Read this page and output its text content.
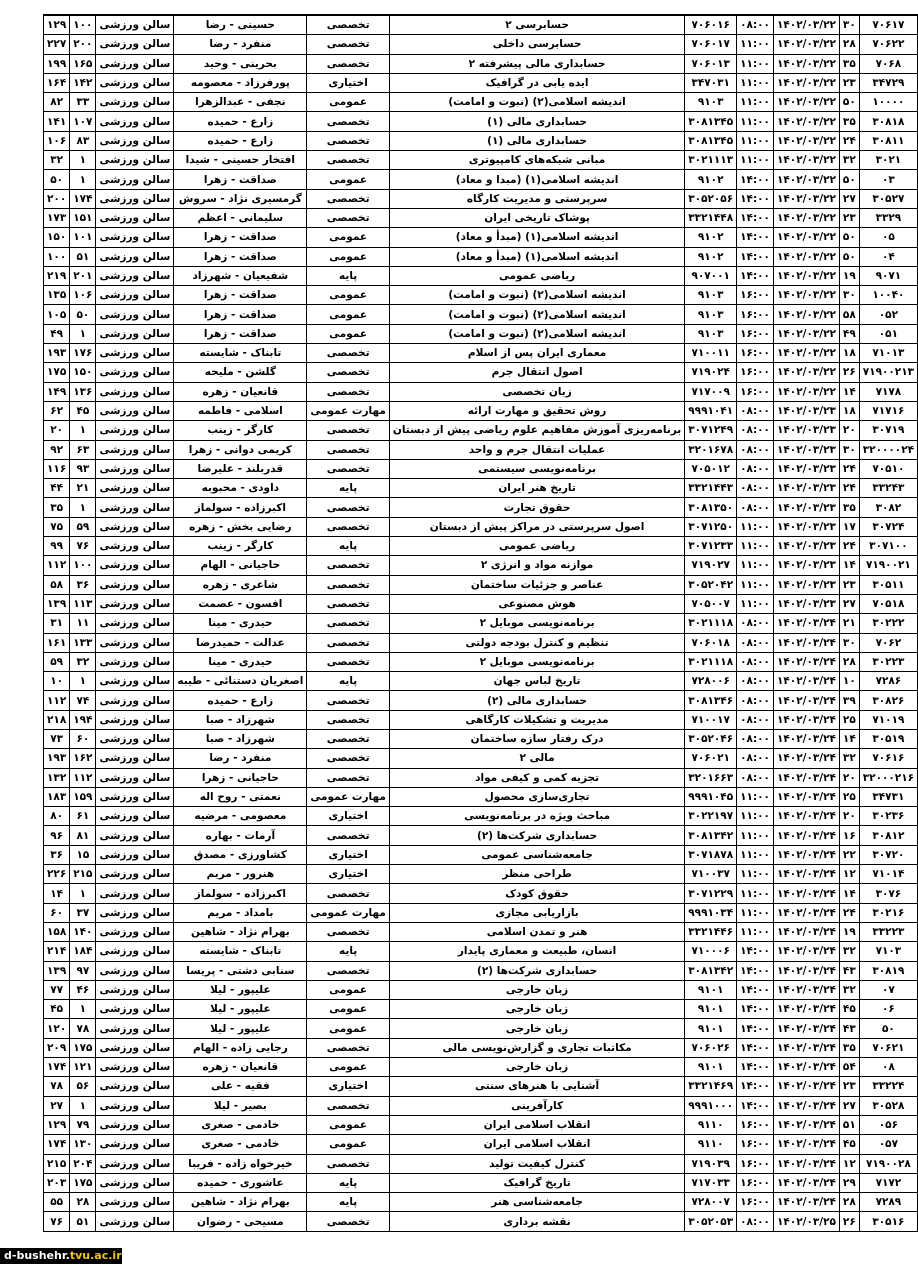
۷۰۶۱۷	۳۰	۱۴۰۲/۰۳/۲۲	۰۸:۰۰	۷۰۶۰۱۶	حسابرسی ۲	تخصصی	حسینی - رضا	سالن ورزشی	۱۰۰	۱۲۹
۷۰۶۲۲	۲۸	۱۴۰۲/۰۳/۲۲	۱۱:۰۰	۷۰۶۰۱۷	حسابرسی داخلی	تخصصی	منفرد - رضا	سالن ورزشی	۲۰۰	۲۲۷
۷۰۶۸	۳۵	۱۴۰۲/۰۳/۲۲	۱۱:۰۰	۷۰۶۰۱۳	حسابداری مالی پیشرفته ۲	تخصصی	بحرینی - وحید	سالن ورزشی	۱۶۵	۱۹۹
۳۴۷۲۹	۲۳	۱۴۰۲/۰۳/۲۲	۱۱:۰۰	۳۴۷۰۳۱	ایده یابی در گرافیک	اختیاری	پورفرزاد - معصومه	سالن ورزشی	۱۴۲	۱۶۴
۱۰۰۰۰	۵۰	۱۴۰۲/۰۳/۲۲	۱۱:۰۰	۹۱۰۳	اندیشه اسلامی(۲) (نبوت و امامت)	عمومی	نجفی - عبدالزهرا	سالن ورزشی	۳۳	۸۲
۳۰۸۱۸	۳۵	۱۴۰۲/۰۳/۲۲	۱۱:۰۰	۳۰۸۱۳۴۵	حسابداری مالی (۱)	تخصصی	زارع - حمیده	سالن ورزشی	۱۰۷	۱۴۱
۳۰۸۱۱	۲۴	۱۴۰۲/۰۳/۲۲	۱۱:۰۰	۳۰۸۱۳۴۵	حسابداری مالی (۱)	تخصصی	زارع - حمیده	سالن ورزشی	۸۳	۱۰۶
۳۰۲۱	۳۲	۱۴۰۲/۰۳/۲۲	۱۱:۰۰	۳۰۲۱۱۱۳	مبانی شبکه‌های کامپیوتری	تخصصی	افتخار حسینی - شیدا	سالن ورزشی	۱	۳۲
۰۳	۵۰	۱۴۰۲/۰۳/۲۲	۱۴:۰۰	۹۱۰۲	اندیشه اسلامی(۱) (مبدا و معاد)	عمومی	صداقت - زهرا	سالن ورزشی	۱	۵۰
۳۰۵۲۷	۲۷	۱۴۰۲/۰۳/۲۲	۱۴:۰۰	۳۰۵۲۰۵۶	سرپرستی و مدیریت کارگاه	تخصصی	گرمسیری نژاد - سروش	سالن ورزشی	۱۷۴	۲۰۰
۳۳۲۹	۲۳	۱۴۰۲/۰۳/۲۲	۱۴:۰۰	۳۳۲۱۴۴۸	پوشاک تاریخی ایران	تخصصی	سلیمانی - اعظم	سالن ورزشی	۱۵۱	۱۷۳
۰۵	۵۰	۱۴۰۲/۰۳/۲۲	۱۴:۰۰	۹۱۰۲	اندیشه اسلامی(۱) (مبدأ و معاد)	عمومی	صداقت - زهرا	سالن ورزشی	۱۰۱	۱۵۰
۰۴	۵۰	۱۴۰۲/۰۳/۲۲	۱۴:۰۰	۹۱۰۲	اندیشه اسلامی(۱) (مبدأ و معاد)	عمومی	صداقت - زهرا	سالن ورزشی	۵۱	۱۰۰
۹۰۷۱	۱۹	۱۴۰۲/۰۳/۲۲	۱۴:۰۰	۹۰۷۰۰۱	ریاضی عمومی	پایه	شفیعیان - شهرزاد	سالن ورزشی	۲۰۱	۲۱۹
۱۰۰۴۰	۳۰	۱۴۰۲/۰۳/۲۲	۱۶:۰۰	۹۱۰۳	اندیشه اسلامی(۲) (نبوت و امامت)	عمومی	صداقت - زهرا	سالن ورزشی	۱۰۶	۱۳۵
۰۵۲	۵۸	۱۴۰۲/۰۳/۲۲	۱۶:۰۰	۹۱۰۳	اندیشه اسلامی(۲) (نبوت و امامت)	عمومی	صداقت - زهرا	سالن ورزشی	۵۰	۱۰۵
۰۵۱	۴۹	۱۴۰۲/۰۳/۲۲	۱۶:۰۰	۹۱۰۳	اندیشه اسلامی(۲) (نبوت و امامت)	عمومی	صداقت - زهرا	سالن ورزشی	۱	۴۹
۷۱۰۱۳	۱۸	۱۴۰۲/۰۳/۲۲	۱۶:۰۰	۷۱۰۰۱۱	معماری ایران پس از اسلام	تخصصی	تابناک - شایسته	سالن ورزشی	۱۷۶	۱۹۳
۷۱۹۰۰۲۱۳	۲۶	۱۴۰۲/۰۳/۲۲	۱۶:۰۰	۷۱۹۰۲۴	اصول انتقال جرم	تخصصی	گلشن - ملیحه	سالن ورزشی	۱۵۰	۱۷۵
۷۱۷۸	۱۴	۱۴۰۲/۰۳/۲۲	۱۶:۰۰	۷۱۷۰۰۹	زبان تخصصی	تخصصی	قانعیان - زهره	سالن ورزشی	۱۳۶	۱۴۹
۷۱۷۱۶	۱۸	۱۴۰۲/۰۳/۲۳	۰۸:۰۰	۹۹۹۱۰۴۱	روش تحقیق و مهارت ارائه	مهارت عمومی	اسلامی - فاطمه	سالن ورزشی	۴۵	۶۲
۳۰۷۱۹	۲۰	۱۴۰۲/۰۳/۲۳	۰۸:۰۰	۳۰۷۱۲۴۹	برنامه‌ریزی آموزش مفاهیم علوم ریاضی پیش از دبستان	تخصصی	کارگر - زینب	سالن ورزشی	۱	۲۰
۳۲۰۰۰۰۲۴	۳۰	۱۴۰۲/۰۳/۲۳	۰۸:۰۰	۳۲۰۱۶۷۸	عملیات انتقال جرم و واحد	تخصصی	کریمی دوانی - زهرا	سالن ورزشی	۶۳	۹۲
۷۰۵۱۰	۲۴	۱۴۰۲/۰۳/۲۳	۰۸:۰۰	۷۰۵۰۱۲	برنامه‌نویسی سیستمی	تخصصی	قدربلند - علیرضا	سالن ورزشی	۹۳	۱۱۶
۳۳۲۴۳	۲۴	۱۴۰۲/۰۳/۲۳	۰۸:۰۰	۳۳۲۱۴۴۳	تاریخ هنر ایران	پایه	داودی - محبوبه	سالن ورزشی	۲۱	۴۴
۳۰۸۲	۳۵	۱۴۰۲/۰۳/۲۳	۰۸:۰۰	۳۰۸۱۳۵۰	حقوق تجارت	تخصصی	اکبرزاده - سولماز	سالن ورزشی	۱	۳۵
۳۰۷۲۴	۱۷	۱۴۰۲/۰۳/۲۳	۱۱:۰۰	۳۰۷۱۲۵۰	اصول سرپرستی در مراکز پیش از دبستان	تخصصی	رضایی بخش - زهره	سالن ورزشی	۵۹	۷۵
۳۰۷۱۰۰	۲۴	۱۴۰۲/۰۳/۲۳	۱۱:۰۰	۳۰۷۱۲۳۳	ریاضی عمومی	پایه	کارگر - زینب	سالن ورزشی	۷۶	۹۹
۷۱۹۰۰۲۱	۱۴	۱۴۰۲/۰۳/۲۳	۱۱:۰۰	۷۱۹۰۲۷	موازنه مواد و انرژی ۲	تخصصی	حاجیانی - الهام	سالن ورزشی	۱۰۰	۱۱۲
۳۰۵۱۱	۲۳	۱۴۰۲/۰۳/۲۳	۱۱:۰۰	۳۰۵۲۰۴۲	عناصر و جزئیات ساختمان	تخصصی	شاعری - زهره	سالن ورزشی	۳۶	۵۸
۷۰۵۱۸	۲۷	۱۴۰۲/۰۳/۲۳	۱۱:۰۰	۷۰۵۰۰۷	هوش مصنوعی	تخصصی	افسون - عصمت	سالن ورزشی	۱۱۳	۱۳۹
۳۰۲۲۲	۲۱	۱۴۰۲/۰۳/۲۴	۰۸:۰۰	۳۰۲۱۱۱۸	برنامه‌نویسی موبایل ۲	تخصصی	حیدری - مینا	سالن ورزشی	۱۱	۳۱
۷۰۶۲	۳۰	۱۴۰۲/۰۳/۲۴	۰۸:۰۰	۷۰۶۰۱۸	تنظیم و کنترل بودجه دولتی	تخصصی	عدالت - حمیدرضا	سالن ورزشی	۱۳۳	۱۶۱
۳۰۲۲۳	۲۸	۱۴۰۲/۰۳/۲۴	۰۸:۰۰	۳۰۲۱۱۱۸	برنامه‌نویسی موبایل ۲	تخصصی	حیدری - مینا	سالن ورزشی	۳۲	۵۹
۷۲۸۶	۱۰	۱۴۰۲/۰۳/۲۴	۰۸:۰۰	۷۲۸۰۰۶	تاریخ لباس جهان	پایه	اصغریان دستنائی - طیبه	سالن ورزشی	۱	۱۰
۳۰۸۲۶	۳۹	۱۴۰۲/۰۳/۲۴	۰۸:۰۰	۳۰۸۱۳۴۶	حسابداری مالی (۲)	تخصصی	زارع - حمیده	سالن ورزشی	۷۴	۱۱۲
۷۱۰۱۹	۲۵	۱۴۰۲/۰۳/۲۴	۰۸:۰۰	۷۱۰۰۱۷	مدیریت و تشکیلات کارگاهی	تخصصی	شهرزاد - صبا	سالن ورزشی	۱۹۴	۲۱۸
۳۰۵۱۹	۱۴	۱۴۰۲/۰۳/۲۴	۰۸:۰۰	۳۰۵۲۰۴۶	درک رفتار سازه ساختمان	تخصصی	شهرزاد - صبا	سالن ورزشی	۶۰	۷۳
۷۰۶۱۶	۳۲	۱۴۰۲/۰۳/۲۴	۰۸:۰۰	۷۰۶۰۲۱	مالی ۲	تخصصی	منفرد - رضا	سالن ورزشی	۱۶۲	۱۹۳
۳۲۰۰۰۲۱۶	۲۰	۱۴۰۲/۰۳/۲۴	۰۸:۰۰	۳۲۰۱۶۶۳	تجزیه کمی و کیفی مواد	تخصصی	حاجیانی - زهرا	سالن ورزشی	۱۱۲	۱۳۲
۳۴۷۳۱	۲۵	۱۴۰۲/۰۳/۲۴	۱۱:۰۰	۹۹۹۱۰۴۵	تجاری‌سازی محصول	مهارت عمومی	نعمتی - روح اله	سالن ورزشی	۱۵۹	۱۸۳
۳۰۲۳۶	۲۰	۱۴۰۲/۰۳/۲۴	۱۱:۰۰	۳۰۲۲۱۹۷	مباحث ویژه در برنامه‌نویسی	اختیاری	معصومی - مرضیه	سالن ورزشی	۶۱	۸۰
۳۰۸۱۲	۱۶	۱۴۰۲/۰۳/۲۴	۱۱:۰۰	۳۰۸۱۳۴۲	حسابداری شرکت‌ها (۲)	تخصصی	آرمات - بهاره	سالن ورزشی	۸۱	۹۶
۳۰۷۲۰	۲۲	۱۴۰۲/۰۳/۲۴	۱۱:۰۰	۳۰۷۱۸۷۸	جامعه‌شناسی عمومی	اختیاری	کشاورزی - مصدق	سالن ورزشی	۱۵	۳۶
۷۱۰۱۴	۱۲	۱۴۰۲/۰۳/۲۴	۱۱:۰۰	۷۱۰۰۳۷	طراحی منظر	اختیاری	هنرور - مریم	سالن ورزشی	۲۱۵	۲۲۶
۳۰۷۶	۱۴	۱۴۰۲/۰۳/۲۴	۱۱:۰۰	۳۰۷۱۲۲۹	حقوق کودک	تخصصی	اکبرزاده - سولماز	سالن ورزشی	۱	۱۴
۳۰۲۱۶	۲۴	۱۴۰۲/۰۳/۲۴	۱۱:۰۰	۹۹۹۱۰۳۴	بازاریابی مجازی	مهارت عمومی	بامداد - مریم	سالن ورزشی	۳۷	۶۰
۳۳۲۲۳	۱۹	۱۴۰۲/۰۳/۲۴	۱۱:۰۰	۳۳۲۱۴۴۶	هنر و تمدن اسلامی	تخصصی	بهرام نژاد - شاهین	سالن ورزشی	۱۴۰	۱۵۸
۷۱۰۳	۳۲	۱۴۰۲/۰۳/۲۴	۱۴:۰۰	۷۱۰۰۰۶	انسان، طبیعت و معماری پایدار	پایه	تابناک - شایسته	سالن ورزشی	۱۸۴	۲۱۴
۳۰۸۱۹	۴۳	۱۴۰۲/۰۳/۲۴	۱۴:۰۰	۳۰۸۱۳۴۲	حسابداری شرکت‌ها (۲)	تخصصی	سنابی دشتی - پریسا	سالن ورزشی	۹۷	۱۳۹
۰۷	۳۲	۱۴۰۲/۰۳/۲۴	۱۴:۰۰	۹۱۰۱	زبان خارجی	عمومی	علیپور - لیلا	سالن ورزشی	۴۶	۷۷
۰۶	۴۵	۱۴۰۲/۰۳/۲۴	۱۴:۰۰	۹۱۰۱	زبان خارجی	عمومی	علیپور - لیلا	سالن ورزشی	۱	۴۵
۵۰	۴۳	۱۴۰۲/۰۳/۲۴	۱۴:۰۰	۹۱۰۱	زبان خارجی	عمومی	علیپور - لیلا	سالن ورزشی	۷۸	۱۲۰
۷۰۶۲۱	۳۵	۱۴۰۲/۰۳/۲۴	۱۴:۰۰	۷۰۶۰۲۶	مکاتبات تجاری و گزارش‌نویسی مالی	تخصصی	رجایی زاده - الهام	سالن ورزشی	۱۷۵	۲۰۹
۰۸	۵۴	۱۴۰۲/۰۳/۲۴	۱۴:۰۰	۹۱۰۱	زبان خارجی	عمومی	قانعیان - زهره	سالن ورزشی	۱۲۱	۱۷۴
۳۳۲۲۴	۲۳	۱۴۰۲/۰۳/۲۴	۱۴:۰۰	۳۳۲۱۴۶۹	آشنایی با هنرهای سنتی	اختیاری	فقیه - علی	سالن ورزشی	۵۶	۷۸
۳۰۵۲۸	۲۷	۱۴۰۲/۰۳/۲۴	۱۴:۰۰	۹۹۹۱۰۰۰	کارآفرینی	تخصصی	بصیر - لیلا	سالن ورزشی	۱	۲۷
۰۵۶	۵۱	۱۴۰۲/۰۳/۲۴	۱۶:۰۰	۹۱۱۰	انقلاب اسلامی ایران	عمومی	خادمی - صغری	سالن ورزشی	۷۹	۱۲۹
۰۵۷	۴۵	۱۴۰۲/۰۳/۲۴	۱۶:۰۰	۹۱۱۰	انقلاب اسلامی ایران	عمومی	خادمی - صغری	سالن ورزشی	۱۳۰	۱۷۴
۷۱۹۰۰۲۸	۱۲	۱۴۰۲/۰۳/۲۴	۱۶:۰۰	۷۱۹۰۳۹	کنترل کیفیت تولید	تخصصی	خیرخواه زاده - فریبا	سالن ورزشی	۲۰۴	۲۱۵
۷۱۷۲	۲۹	۱۴۰۲/۰۳/۲۴	۱۶:۰۰	۷۱۷۰۳۳	تاریخ گرافیک	پایه	عاشوری - حمیده	سالن ورزشی	۱۷۵	۲۰۳
۷۲۸۹	۲۸	۱۴۰۲/۰۳/۲۴	۱۶:۰۰	۷۲۸۰۰۷	جامعه‌شناسی هنر	پایه	بهرام نژاد - شاهین	سالن ورزشی	۲۸	۵۵
۳۰۵۱۶	۲۶	۱۴۰۲/۰۳/۲۵	۰۸:۰۰	۳۰۵۲۰۵۳	نقشه برداری	تخصصی	مسیحی - رضوان	سالن ورزشی	۵۱	۷۶
d-bushehr.tvu.ac.ir
